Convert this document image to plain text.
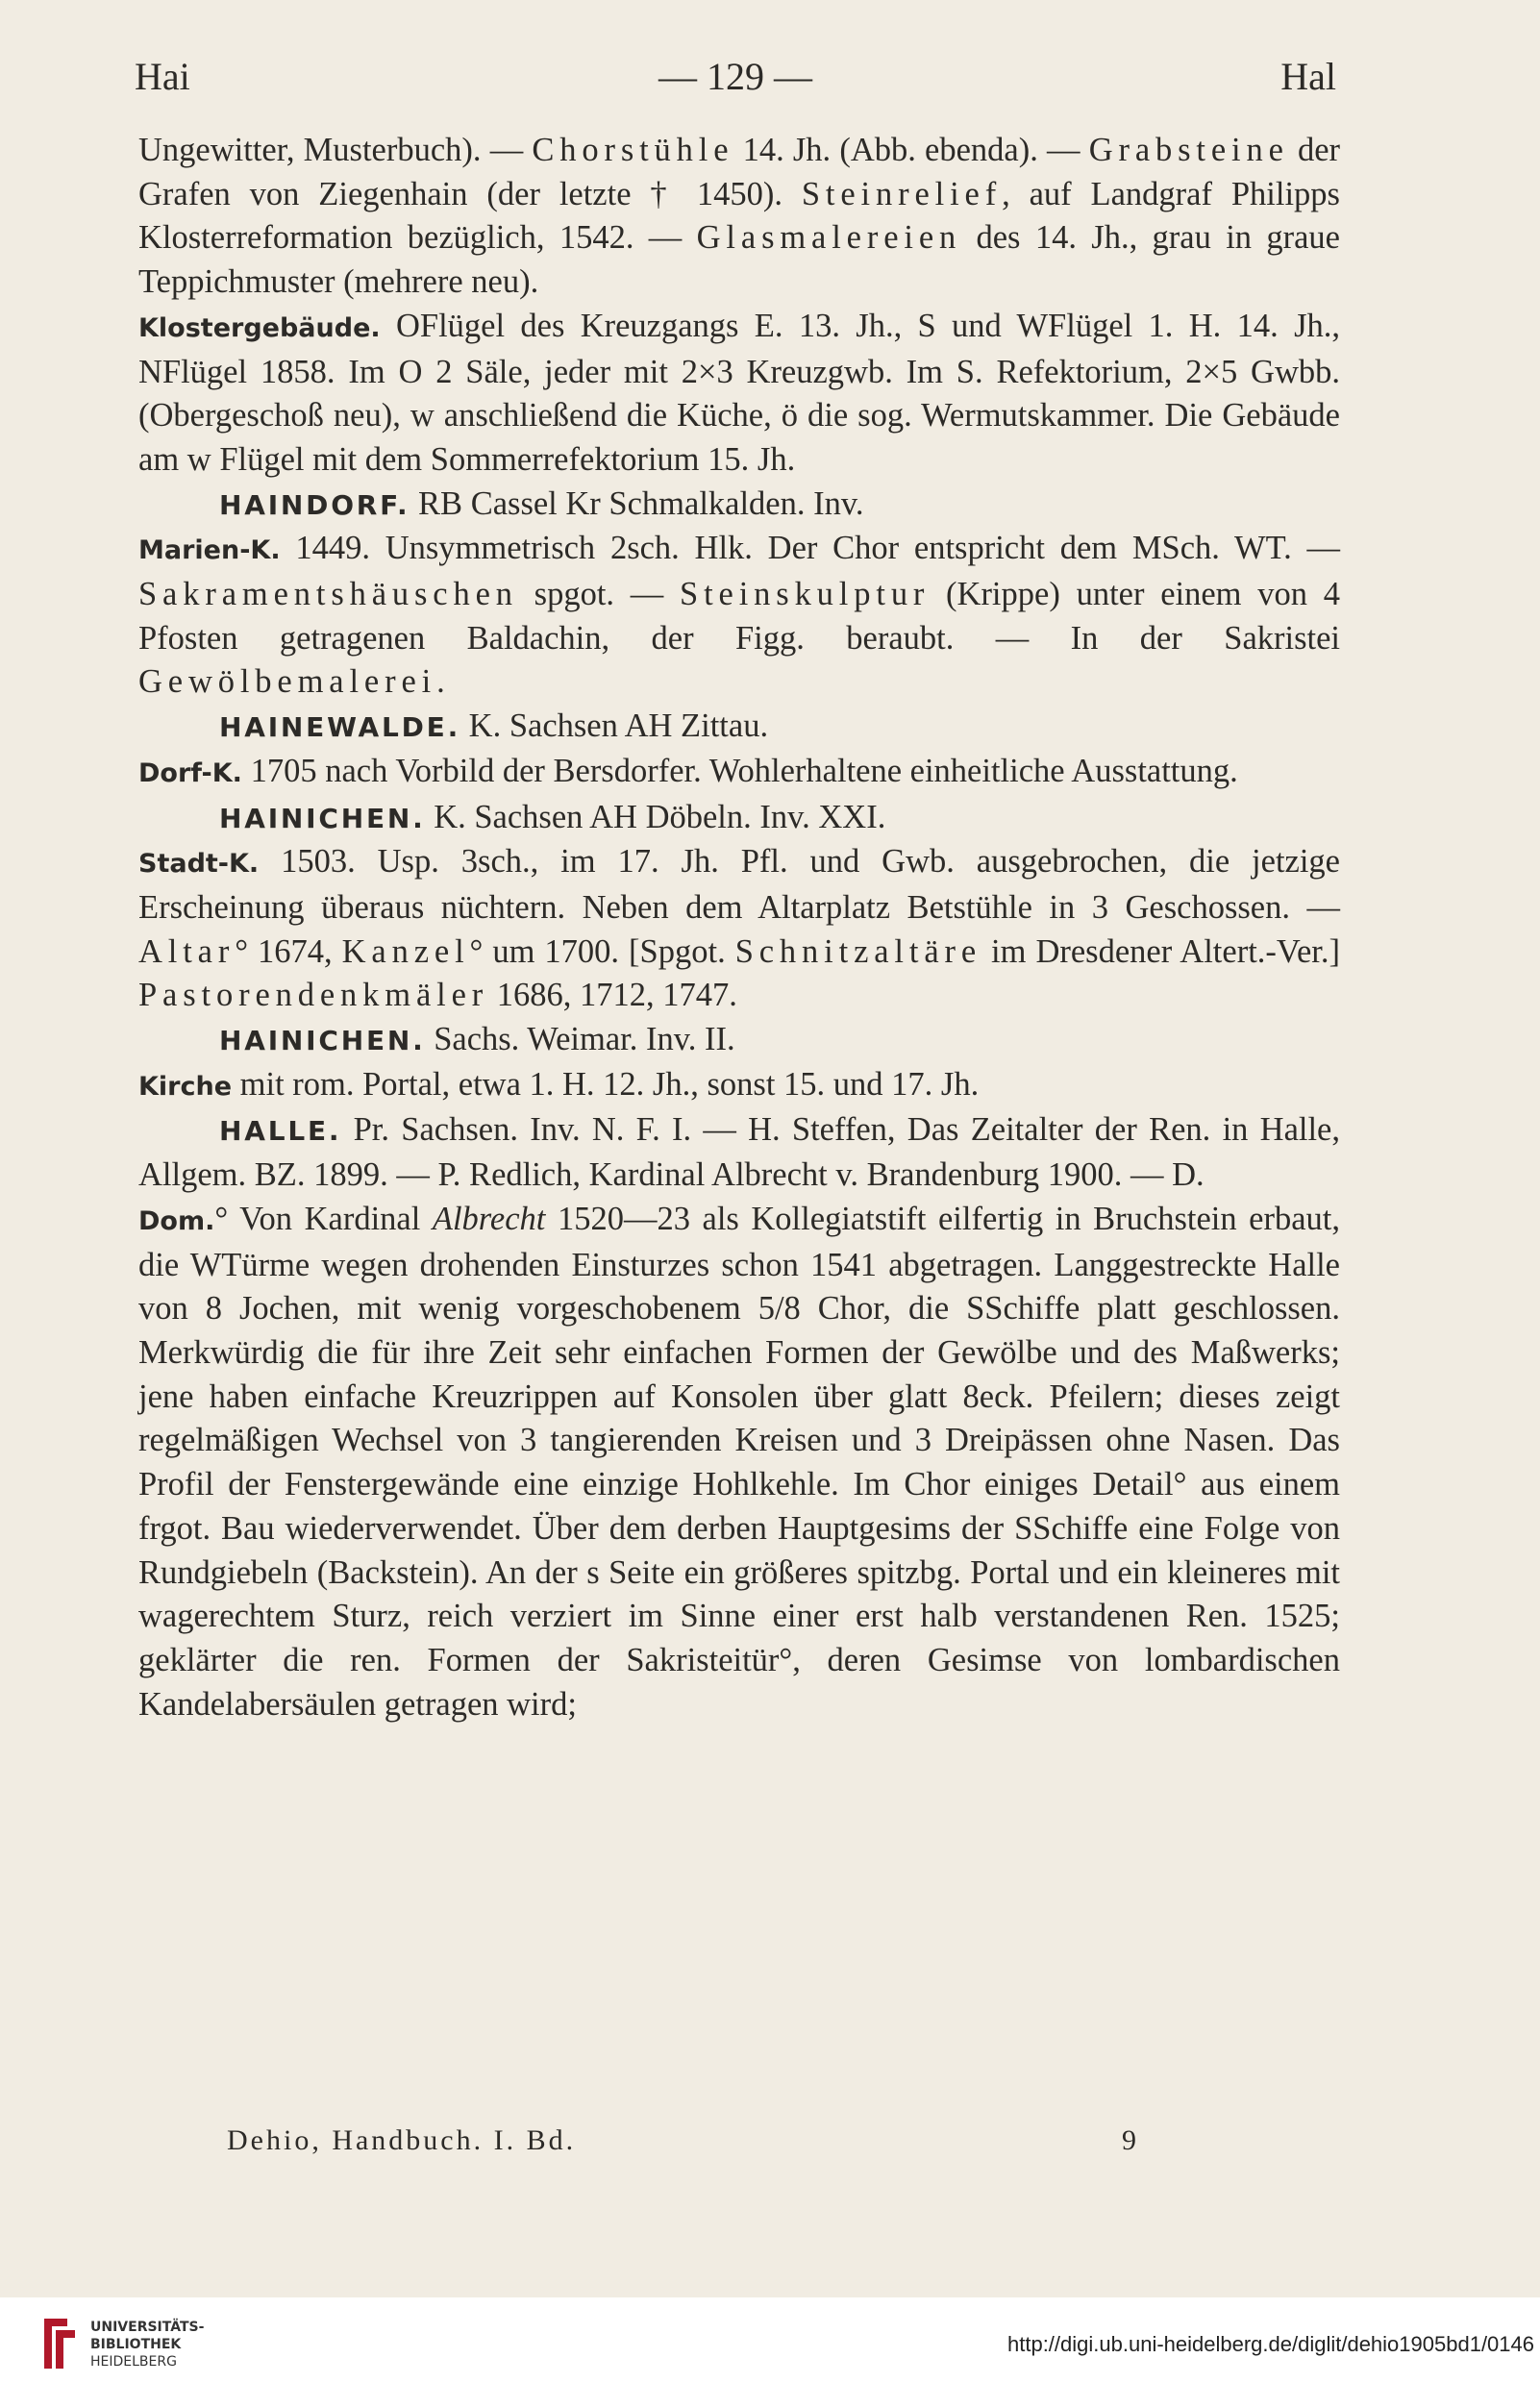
Hai	— 129 —	Hal

Ungewitter, Musterbuch). — Chorstühle 14. Jh. (Abb. ebenda). — Grabsteine der Grafen von Ziegenhain (der letzte † 1450). Steinrelief, auf Landgraf Philipps Klosterreformation bezüglich, 1542. — Glasmalereien des 14. Jh., grau in graue Teppichmuster (mehrere neu).

Klostergebäude. OFlügel des Kreuzgangs E. 13. Jh., S und WFlügel 1. H. 14. Jh., NFlügel 1858. Im O 2 Säle, jeder mit 2×3 Kreuzgwb. Im S. Refektorium, 2×5 Gwbb. (Obergeschoß neu), w anschließend die Küche, ö die sog. Wermutskammer. Die Gebäude am w Flügel mit dem Sommerrefektorium 15. Jh.

HAINDORF. RB Cassel Kr Schmalkalden. Inv.

Marien-K. 1449. Unsymmetrisch 2sch. Hlk. Der Chor entspricht dem MSch. WT. — Sakramentshäuschen spgot. — Steinskulptur (Krippe) unter einem von 4 Pfosten getragenen Baldachin, der Figg. beraubt. — In der Sakristei Gewölbemalerei.

HAINEWALDE. K. Sachsen AH Zittau.

Dorf-K. 1705 nach Vorbild der Bersdorfer. Wohlerhaltene einheitliche Ausstattung.

HAINICHEN. K. Sachsen AH Döbeln. Inv. XXI.

Stadt-K. 1503. Usp. 3sch., im 17. Jh. Pfl. und Gwb. ausgebrochen, die jetzige Erscheinung überaus nüchtern. Neben dem Altarplatz Betstühle in 3 Geschossen. — Altar° 1674, Kanzel° um 1700. [Spgot. Schnitzaltäre im Dresdener Altert.-Ver.] Pastorendenkmäler 1686, 1712, 1747.

HAINICHEN. Sachs. Weimar. Inv. II.

Kirche mit rom. Portal, etwa 1. H. 12. Jh., sonst 15. und 17. Jh.

HALLE. Pr. Sachsen. Inv. N. F. I. — H. Steffen, Das Zeitalter der Ren. in Halle, Allgem. BZ. 1899. — P. Redlich, Kardinal Albrecht v. Brandenburg 1900. — D.

Dom.° Von Kardinal Albrecht 1520—23 als Kollegiatstift eilfertig in Bruchstein erbaut, die WTürme wegen drohenden Einsturzes schon 1541 abgetragen. Langgestreckte Halle von 8 Jochen, mit wenig vorgeschobenem 5/8 Chor, die SSchiffe platt geschlossen. Merkwürdig die für ihre Zeit sehr einfachen Formen der Gewölbe und des Maßwerks; jene haben einfache Kreuzrippen auf Konsolen über glatt 8eck. Pfeilern; dieses zeigt regelmäßigen Wechsel von 3 tangierenden Kreisen und 3 Dreipässen ohne Nasen. Das Profil der Fenstergewände eine einzige Hohlkehle. Im Chor einiges Detail° aus einem frgot. Bau wiederverwendet. Über dem derben Hauptgesims der SSchiffe eine Folge von Rundgiebeln (Backstein). An der s Seite ein größeres spitzbg. Portal und ein kleineres mit wagerechtem Sturz, reich verziert im Sinne einer erst halb verstandenen Ren. 1525; geklärter die ren. Formen der Sakristeitür°, deren Gesimse von lombardischen Kandelabersäulen getragen wird;

Dehio, Handbuch. I. Bd.	9
UNIVERSITÄTS-
BIBLIOTHEK
HEIDELBERG
http://digi.ub.uni-heidelberg.de/diglit/dehio1905bd1/0146
